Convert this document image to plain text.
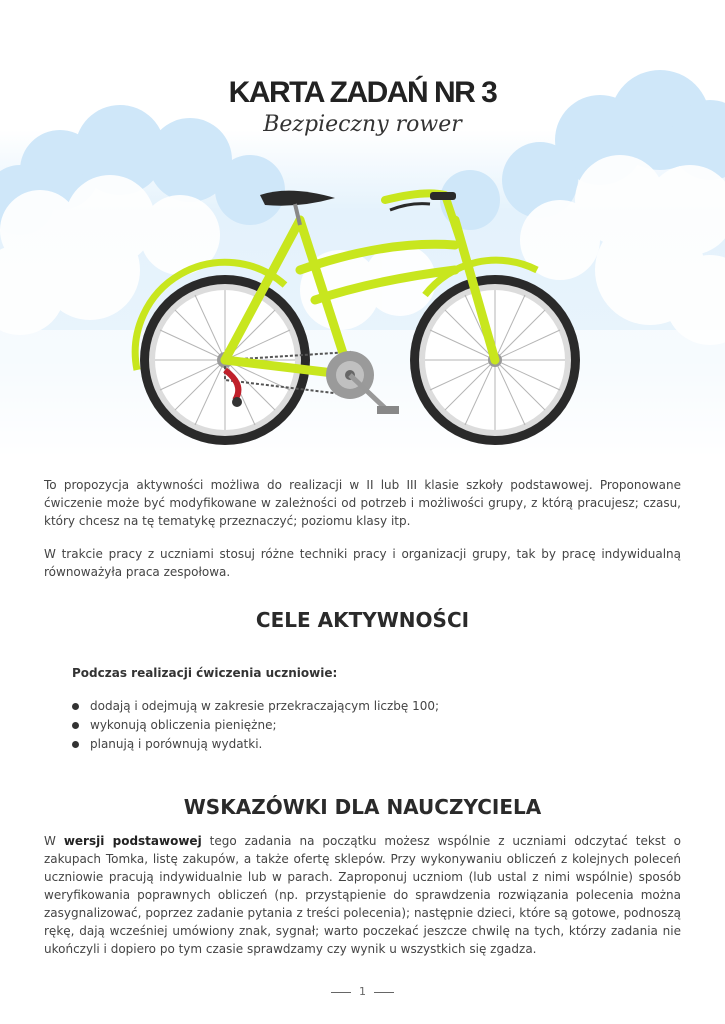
KARTA ZADAŃ NR 3
Bezpieczny rower
To propozycja aktywności możliwa do realizacji w II lub III klasie szkoły podstawowej. Proponowane ćwiczenie może być modyfikowane w zależności od potrzeb i możliwości grupy, z którą pracujesz; czasu, który chcesz na tę tematykę przeznaczyć; poziomu klasy itp.
W trakcie pracy z uczniami stosuj różne techniki pracy i organizacji grupy, tak by pracę indywidualną równoważyła praca zespołowa.
CELE AKTYWNOŚCI
Podczas realizacji ćwiczenia uczniowie:
dodają i odejmują w zakresie przekraczającym liczbę 100;
wykonują obliczenia pieniężne;
planują i porównują wydatki.
WSKAZÓWKI DLA NAUCZYCIELA
W wersji podstawowej tego zadania na początku możesz wspólnie z uczniami odczytać tekst o zakupach Tomka, listę zakupów, a także ofertę sklepów. Przy wykonywaniu obliczeń z kolejnych poleceń uczniowie pracują indywidualnie lub w parach. Zaproponuj uczniom (lub ustal z nimi wspólnie) sposób weryfikowania poprawnych obliczeń (np. przystąpienie do sprawdzenia rozwiązania polecenia można zasygnalizować, poprzez zadanie pytania z treści polecenia); następnie dzieci, które są gotowe, podnoszą rękę, dają wcześniej umówiony znak, sygnał; warto poczekać jeszcze chwilę na tych, którzy zadania nie ukończyli i dopiero po tym czasie sprawdzamy czy wynik u wszystkich się zgadza.
1
